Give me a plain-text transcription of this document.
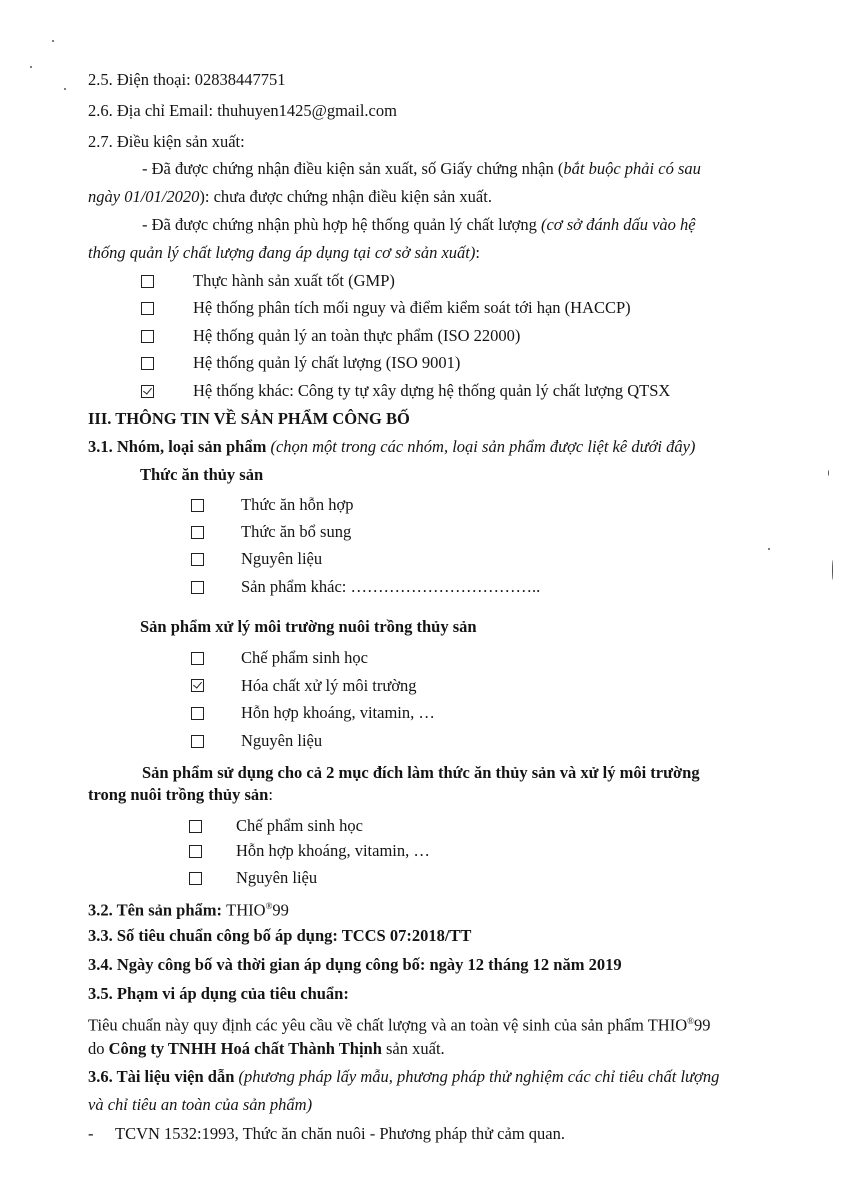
2.5. Điện thoại: 02838447751
2.6. Địa chỉ Email: thuhuyen1425@gmail.com
2.7. Điều kiện sản xuất:
- Đã được chứng nhận điều kiện sản xuất, số Giấy chứng nhận (bắt buộc phải có sau
ngày 01/01/2020): chưa được chứng nhận điều kiện sản xuất.
- Đã được chứng nhận phù hợp hệ thống quản lý chất lượng (cơ sở đánh dấu vào hệ
thống quản lý chất lượng đang áp dụng tại cơ sở sản xuất):
Thực hành sản xuất tốt (GMP)
Hệ thống phân tích mối nguy và điểm kiểm soát tới hạn (HACCP)
Hệ thống quản lý an toàn thực phẩm (ISO 22000)
Hệ thống quản lý chất lượng (ISO 9001)
Hệ thống khác: Công ty tự xây dựng hệ thống quản lý chất lượng QTSX
III. THÔNG TIN VỀ SẢN PHẨM CÔNG BỐ
3.1. Nhóm, loại sản phẩm (chọn một trong các nhóm, loại sản phẩm được liệt kê dưới đây)
Thức ăn thủy sản
Thức ăn hỗn hợp
Thức ăn bổ sung
Nguyên liệu
Sản phẩm khác: ……………………………..
Sản phẩm xử lý môi trường nuôi trồng thủy sản
Chế phẩm sinh học
Hóa chất xử lý môi trường
Hỗn hợp khoáng, vitamin, …
Nguyên liệu
Sản phẩm sử dụng cho cả 2 mục đích làm thức ăn thủy sản và xử lý môi trường
trong nuôi trồng thủy sản:
Chế phẩm sinh học
Hỗn hợp khoáng, vitamin, …
Nguyên liệu
3.2. Tên sản phẩm: THIO®99
3.3. Số tiêu chuẩn công bố áp dụng: TCCS 07:2018/TT
3.4. Ngày công bố và thời gian áp dụng công bố: ngày 12 tháng 12 năm 2019
3.5. Phạm vi áp dụng của tiêu chuẩn:
Tiêu chuẩn này quy định các yêu cầu về chất lượng và an toàn vệ sinh của sản phẩm THIO®99
do Công ty TNHH Hoá chất Thành Thịnh sản xuất.
3.6. Tài liệu viện dẫn (phương pháp lấy mẫu, phương pháp thử nghiệm các chỉ tiêu chất lượng
và chỉ tiêu an toàn của sản phẩm)
- TCVN 1532:1993, Thức ăn chăn nuôi - Phương pháp thử cảm quan.
